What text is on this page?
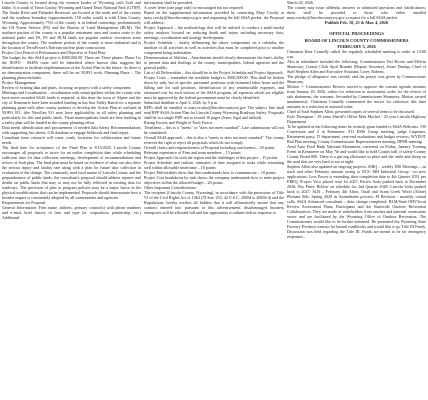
Lincoln County is located along the western border of Wyoming with Utah and Idaho. It is south of Teton County, Wyoming and Grand Teton National Park (GTNP). The Snake River and Palisades Reservoir are located at the north end of the county and the southern boundary (approximately 150 miles south) is with Uinta County, Wyoming. Approximately 75% of the county is in federal ownership, predominately the US Forest Service (FS) and the Bureau of Land Management (BLM). The northern portion of the county is a popular retirement area and tourist route to the national parks and FS, FS and BLM lands are popular outdoor recreation areas throughout the county. The southern portion of the county is more industrial and is the location of TerraPower's Natrium nuclear plant construction.

Project Cost Period of Performance and Objective of Final Plan:

The budget for this SS4A project is $300,000.00. There are Three phases: Phase I is the NOFO - SS4PA route will be identified where known data suggests the identification to facilitate implementation of the Action Plan in the future. As there is no demonstration component, there will be no NOFO work, Planning Phase – The planning phase includes:

Project Management

Review of existing data and plans, focusing on project with a safety component

Meetings and Coordination – coordination with municipalities within the county who have never awarded SS4A funds is required, at this time the town of Alpine and the city of Kemmerer have been awarded funding as has Star Valley Ranch for a separate planning grant with other county partners to develop the Action Plan as outlined in NOFO 911. (the NextGen 911 may have applicability in all safety planning and particularly for this and public lands. Those municipalities funds are here funding in a safety plan will be funded to the county planning effort.

Data needs identification and procurement of needed data Safety Recommendations with supporting fact sheets. GIS database to engage fieldwork and final report.

Consultant time: research will come, roads, locations for collaboration and future needs.

The final date for acceptance of the Final Plan is 8/15/2025. Lincoln County encourages all proposals to strive for an earlier completion date while scheduling sufficient time for data collection, meetings, development of recommendations and review of draft plan. The final plan must be based on evidence of what can also drive the serious injury and fatality rate along with a plan for future data collection in evaluation of the change. The commonly used rural nature of Lincoln County and the preponderance of public lands, the consultant's proposal should address injuries and deaths on public lands that may or may not be fully reflected in existing data for roadways. The provision of plan or program policies may be a major factor in the physical modifications that can be implemented. Proposals should demonstrate how a broader impact is consistently adopted by all communities and agencies.

Requirements for Proposal

General Information: Firm name, address, primary contact(s) with phone numbers and e-mail, brief history of firm and type (ie. corporation, partnership, etc.) Additional

information shall be provided.

A cover letter (one page only) is encouraged but not required.

Based on the supplemental information provided by contacting Mary Crosby at mary.crosby@lincolncountywy.gov and requesting the full SS4A packet, the Proposal will address:

Project Approach – the methodology that will be utilized to conduct a multi-modal safety analysis focused on reducing death and injury including necessary data, meetings, coordination and strategy development.

Project Schedule – clearly delineating the above components on a calendar, the timeline of all activities as well as activities that must be completed prior to another component being undertaken.

Demonstration of Abilities – Attachments should clearly demonstrate the firm's ability to present data and findings to the county, municipalities, federal agencies and the general public.

List of all Deliverables – this should tie to the Project Schedule and Project Approach

Project Costs – remember the available budget is $300,000.00. This shall be broken down by task, but of specific personnel positions with estimated labor hours and the billing rate for said positions, identification of any reimbursable expenses, and estimated cost for each section of the SS4A program, all expenses which are eligible must be approved by the federal government must be clearly identified.

Submittal deadline is April 2, 2026, by 5 p.m.

RFPs shall be emailed to mary.crosby@lincolncountywy.gov The subject line shall read RFP SS4A Action Plan for Lincoln County Wyoming Roadway Safety. Proposals shall be in a single PDF not to exceed 10 pages (letter, legal and tabloid).

Rating Factors and Weight of Each Factor:

Timeliness – this is a "meets" or "does not meet standard". Late submissions will not be considered.

Overall SS4A approach – this is also a "meets or does not meet standard". The county reserves the right to reject all proposals which do not comply.

Overall clarity and responsiveness of Proposal including conciseness – 20 points

Relevant experience of Firm and team members – 15 points

Project Approach fits with the region and the challenges of this project – 15 points

Project Schedule and realistic estimates of time assigned to tasks while remaining well within allowable timeframe – 10 points

Project Deliverables show that firm understands how to communicate – 10 points

Project Cost breakdown by task shows the company understands how to meet project objectives within the allowed budget – 20 points

Other Important Considerations:

The recipient (Lincoln County, Wyoming), in accordance with the provisions of Title VI of the Civil Rights Act of 1964 (78 Stat. 252, 42 U.S.C. 2000d to 2000d-4) and the Regulations, hereby notifies all bidders that it will affirmatively ensure that any contract entered into pursuant to this advertisement, disadvantaged business enterprises will be afforded full and fair opportunity to submit bids in response to

March 20, 2026.

The county may issue addenda, answers to submitted questions and clarifications; these shall be provided to those who either emailed mary.crosby@lincolncountywy.gov a request for a full SS4A packet.

Publish Feb. 18, 25 & Mar. 4, 2026

OFFICIAL PROCEEDINGS
BOARD OF LINCOLN COUNTY COMMISSIONERS
FEBRUARY 3, 2026

Chairman Kent Connelly called the regularly scheduled meeting to order at 10:00 a.m.

Also in attendance included the following: Commissioners Teri Brown and Melvin Shumway; County Clerk April Brunski (Deputy Attorney), Jessie Dunlap; Chief of Staff Stephen Allen and Executive Assistant, Corey Roberts.

The pledge of allegiance was recited, and the prayer was given by Commissioner Shumway.

Motion -/- Commissioners Bowers moved to approve the consent agenda, minutes from January 20, 2026, orders for reduction in assessment, order for the review of sale abatement, the warrants. Seconded by Commissioner Shumway. Motion carried unanimously. Chairman Connelly commented the notice for reduction this time amounts to a reduction in assessed value.

Chief of Staff Stephen Allen, presented copies of several items to be discussed.

Kyle Thompson - 19 years Sheriff's Office Matt Mochel - 20 year Lincoln Highway Department

To be updated as the following items be recently grant funded to SS4A Webcasts, 190 Conversion and 2 in Kemmerer. 911 EMS Group meeting, judge Carpenter, Retirement party, IT department, year-end evaluations and budget reviews, WYDOT Rail Plan meeting, County Commissioner Representatives meeting, DPER meeting.

Avail Auto Food Bank National Monument, convened on Friday, January Training Event in Kemmerer on May 7th and would like to hold County hall of safety-County County Board 800. There is a gas ing allowance in place and the cattle and sheep on the road that are very hard to see at night.

Stephen Allen also updated on ongoing projects: SIBQ – weekly DIS Meetings – on track and other February amount owing to NCS: MH Industrial Group - no new applications; Loss Power is extending their completion date to 4th Quarter 2031 per EREQ. Project Veco placed read 1st 2027; Pacific Soda pushed back to December 2026; Dry Piney Hollow on schedule for 2nd Quarter 2028; Lincoln Solar pushed back to 2027; SLB – February 4th Afton, Ouail and Scam Creek Wood (Ahnie) Pleasant Rds; Spring 2029 in Amendment process; PI Revision - monthly virtual calls; SS4A Advanced consultant – data, change completed; BLM/State OHV/local Review Assessment Plans; Participants and the Statewide Outdoor Recreation Collaboratives. They are made of stakeholders from ranches and national ceremonies sector and are facilitated by the Wyoming Office of Outdoor Recreation. The Commissioners would like to be further informed. He presented the Wyoming State Forestry Division contract for hazard roadblocks and would like to go Title III Funds. Discussion was held regarding the Title III. Funds are meant to be for emergency responses...
